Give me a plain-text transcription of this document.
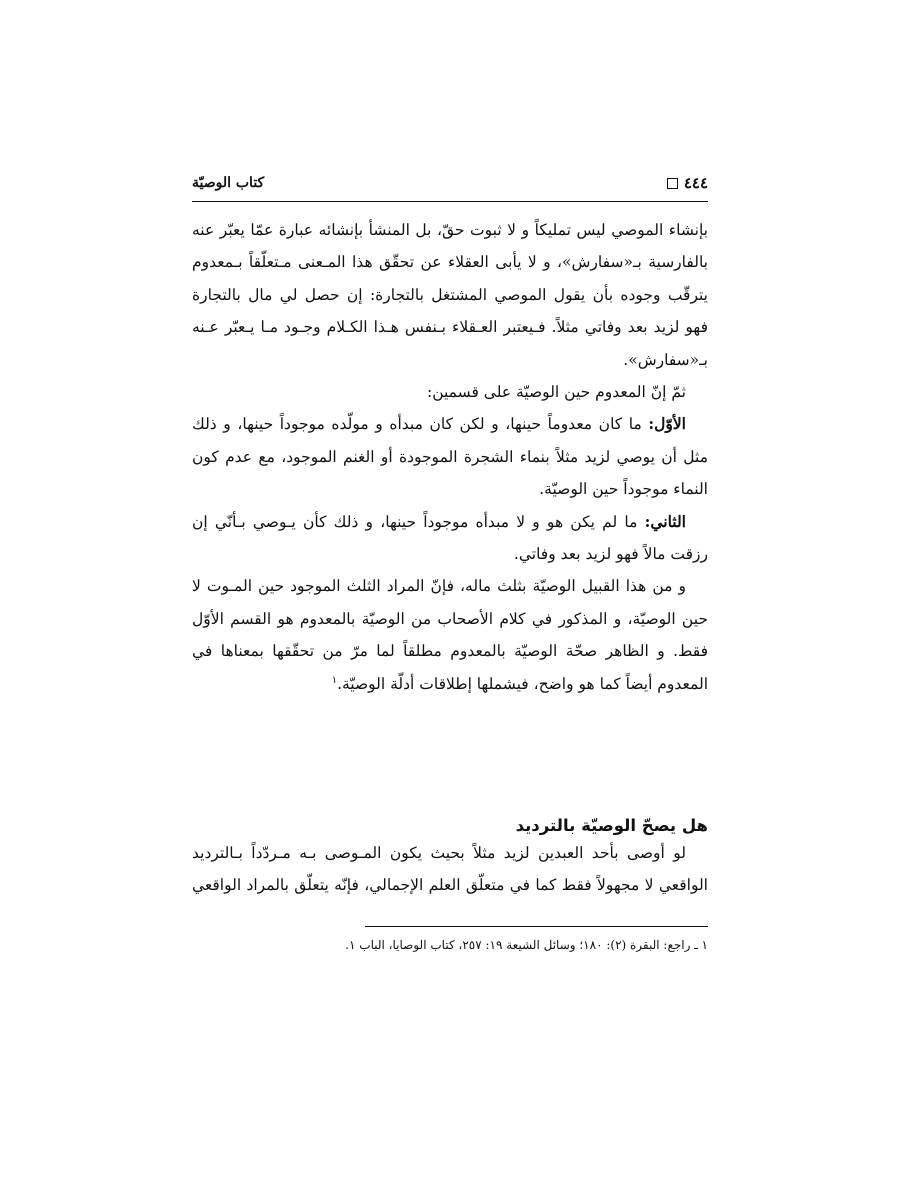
٤٤٤
كتاب الوصيّة

بإنشاء الموصي ليس تمليكاً و لا ثبوت حقّ، بل المنشأ بإنشائه عبارة عمّا يعبّر عنه بالفارسية بـ«سفارش»، و لا يأبى العقلاء عن تحقّق هذا المـعنى مـتعلّقاً بـمعدوم يترقّب وجوده بأن يقول الموصي المشتغل بالتجارة: إن حصل لي مال بالتجارة فهو لزيد بعد وفاتي مثلاً. فـيعتبر العـقلاء بـنفس هـذا الكـلام وجـود مـا يـعبّر عـنه بـ«سفارش».

ثمّ إنّ المعدوم حين الوصيّة على قسمين:

الأوّل: ما كان معدوماً حينها، و لكن كان مبدأه و مولّده موجوداً حينها، و ذلك مثل أن يوصي لزيد مثلاً بنماء الشجرة الموجودة أو الغنم الموجود، مع عدم كون النماء موجوداً حين الوصيّة.

الثاني: ما لم يكن هو و لا مبدأه موجوداً حينها، و ذلك كأن يـوصي بـأنّي إن رزقت مالاً فهو لزيد بعد وفاتي.

و من هذا القبيل الوصيّة بثلث ماله، فإنّ المراد الثلث الموجود حين المـوت لا حين الوصيّة، و المذكور في كلام الأصحاب من الوصيّة بالمعدوم هو القسم الأوّل فقط. و الظاهر صحّة الوصيّة بالمعدوم مطلقاً لما مرّ من تحقّقها بمعناها في المعدوم أيضاً كما هو واضح، فيشملها إطلاقات أدلّة الوصيّة.$^١$

هل يصحّ الوصيّة بالترديد

لو أوصى بأحد العبدين لزيد مثلاً بحيث يكون المـوصى بـه مـردّداً بـالترديد الواقعي لا مجهولاً فقط كما في متعلّق العلم الإجمالي، فإنّه يتعلّق بالمراد الواقعي

١ ـ راجع: البقرة (٢): ١٨٠؛ وسائل الشيعة ١٩: ٢٥٧، كتاب الوصايا، الباب ١.
